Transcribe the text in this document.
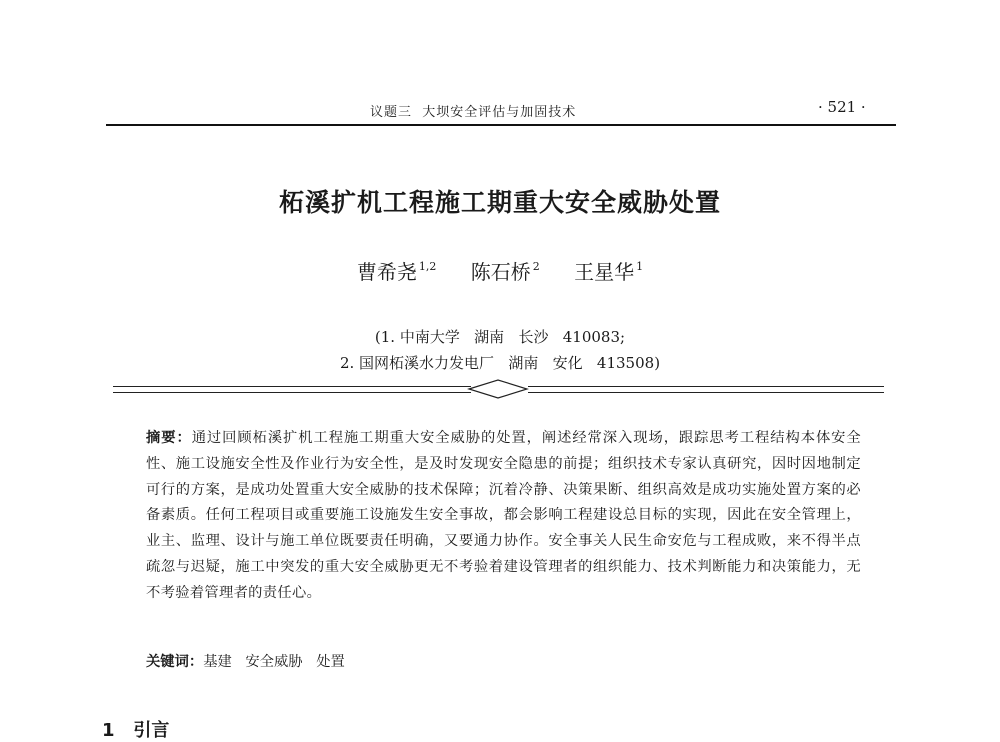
议题三  大坝安全评估与加固技术	· 521 ·
柘溪扩机工程施工期重大安全威胁处置
曹希尧 $^{1,2}$ 陈石桥 $^2$ 王星华 $^1$
(1. 中南大学   湖南   长沙   410083;
2. 国网柘溪水力发电厂   湖南   安化   413508)
摘要：通过回顾柘溪扩机工程施工期重大安全威胁的处置，阐述经常深入现场，跟踪思考工程结构本体安全性、施工设施安全性及作业行为安全性，是及时发现安全隐患的前提；组织技术专家认真研究，因时因地制定可行的方案，是成功处置重大安全威胁的技术保障；沉着冷静、决策果断、组织高效是成功实施处置方案的必备素质。任何工程项目或重要施工设施发生安全事故，都会影响工程建设总目标的实现，因此在安全管理上，业主、监理、设计与施工单位既要责任明确，又要通力协作。安全事关人民生命安危与工程成败，来不得半点疏忽与迟疑，施工中突发的重大安全威胁更无不考验着建设管理者的组织能力、技术判断能力和决策能力，无不考验着管理者的责任心。
关键词：基建   安全威胁   处置
1 引言
